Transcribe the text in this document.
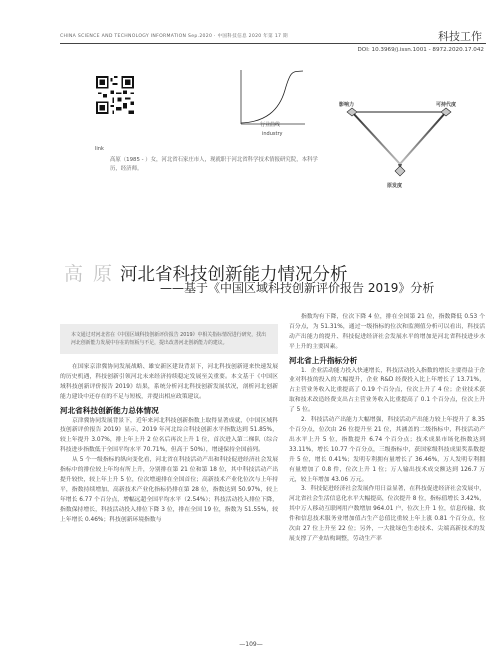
CHINA SCIENCE AND TECHNOLOGY INFORMATION Sep.2020 · 中国科技信息 2020 年第 17 期	科技工作
DOI: 10.3969/j.issn.1001 - 8972.2020.17.042
link
行业曲线
industry
高原（1985 - ）女，河北省石家庄市人，现就职于河北省科学技术情报研究院，本科学历，经济师。
影响力	可持代度
原发度
高 原 河北省科技创新能力情况分析
——基于《中国区域科技创新评价报告 2019》分析
本文通过对河北省在《中国区域科技创新评价报告 2019》中相关指标情况进行研究，找出河北创新能力发展中存在的短板与不足，提出改善河北创新能力的建议。

在国家京津冀协同发展战略、雄安新区建设背景下，河北科技创新迎来快速发展的历史机遇，科技创新引领河北未来经济持续稳定发展至关重要。本文基于《中国区域科技创新评价报告 2019》结果，系统分析河北科技创新发展状况，剖析河北创新能力建设中还存在的不足与短板，并提出相应政策建议。

河北省科技创新能力总体情况

京津冀协同发展背景下，近年来河北科技创新指数上取得显著成就，《中国区域科技创新评价报告 2019》显示，2019 年河北综合科技创新水平指数达到 51.85%，较上年提升 3.07%，排上年上升 2 位名后再次上升 1 位，首次进入第二梯队（综合科技进步指数低于全国平均水平 70.71%，但高于 50%），增速保持全国前列。

从 5 个一级指标的纵向变化看，河北省在科技活动产出和科技促进经济社会发展指标中的排位较上年均有所上升，分别排在第 21 位和第 18 位，其中科技活动产出提升较快，较上年上升 5 位，位次增速排在全国首位；高新技术产业化位次与上年持平，指数持续增加，高新技术产业化指标仍排在第 28 位，指数达到 50.97%，较上年增长 6.77 个百分点，增幅远超全国平均水平（2.54%）；科技活动投入排位下降，指数保持增长，科技活动投入排位下降 3 位，排在全国 19 位，指数为 51.55%，较上年增长 0.46%；科技创新环境指数与

指数均有下降，位次下降 4 位，排在全国第 21 位，指数降低 0.53 个百分点，为 51.31%，通过一级指标的位次和监测值分析可以看出，科技活动产出能力的提升、科技促进经济社会发展水平的增加是河北省科技进步水平上升的主要因素。

河北省上升指标分析

1．企业活动能力投入快速增长，科技活动投入指数的增长主要得益于企业对科技的投入的大幅提升，企业 R&D 经费投入比上年增长了 13.71%，占主营业务收入比重提高了 0.19 个百分点，位次上升了 4 位；企业技术获取和技术改造经费支出占主营业务收入比重提高了 0.1 个百分点，位次上升了 5 位。

2．科技活动产出能力大幅增强，科技活动产出能力较上年提升了 8.35 个百分点，位次由 26 位提升至 21 位，其涵盖的二级指标中，科技活动产出水平上升 5 位，指数提升 6.74 个百分点；技术成果市场化指数达到 33.11%，增长 10.77 个百分点，三级指标中，获国家级科技成果奖系数提升 5 位，增长 0.41%；发明专利拥有量增长了 36.46%，万人发明专利拥有量增加了 0.8 件，位次上升 1 位；万人输出技术成交额达到 126.7 万元，较上年增加 43.06 万元。

3．科技促进经济社会发展作用日益显著，在科技促进经济社会发展中，河北省社会生活信息化水平大幅提高，位次提升 8 位，指标值增长 3.42%，其中万人移动互联网用户数增加 964.01 户，位次上升 1 位，信息传输、软件和信息技术服务业增加值占生产总值比重较上年上涨 0.81 个百分点，位次由 27 位上升至 22 位；另外，一大批绿色生态技术、尖端高新技术的发展支撑了产业结构调整，劳动生产率

—109—
